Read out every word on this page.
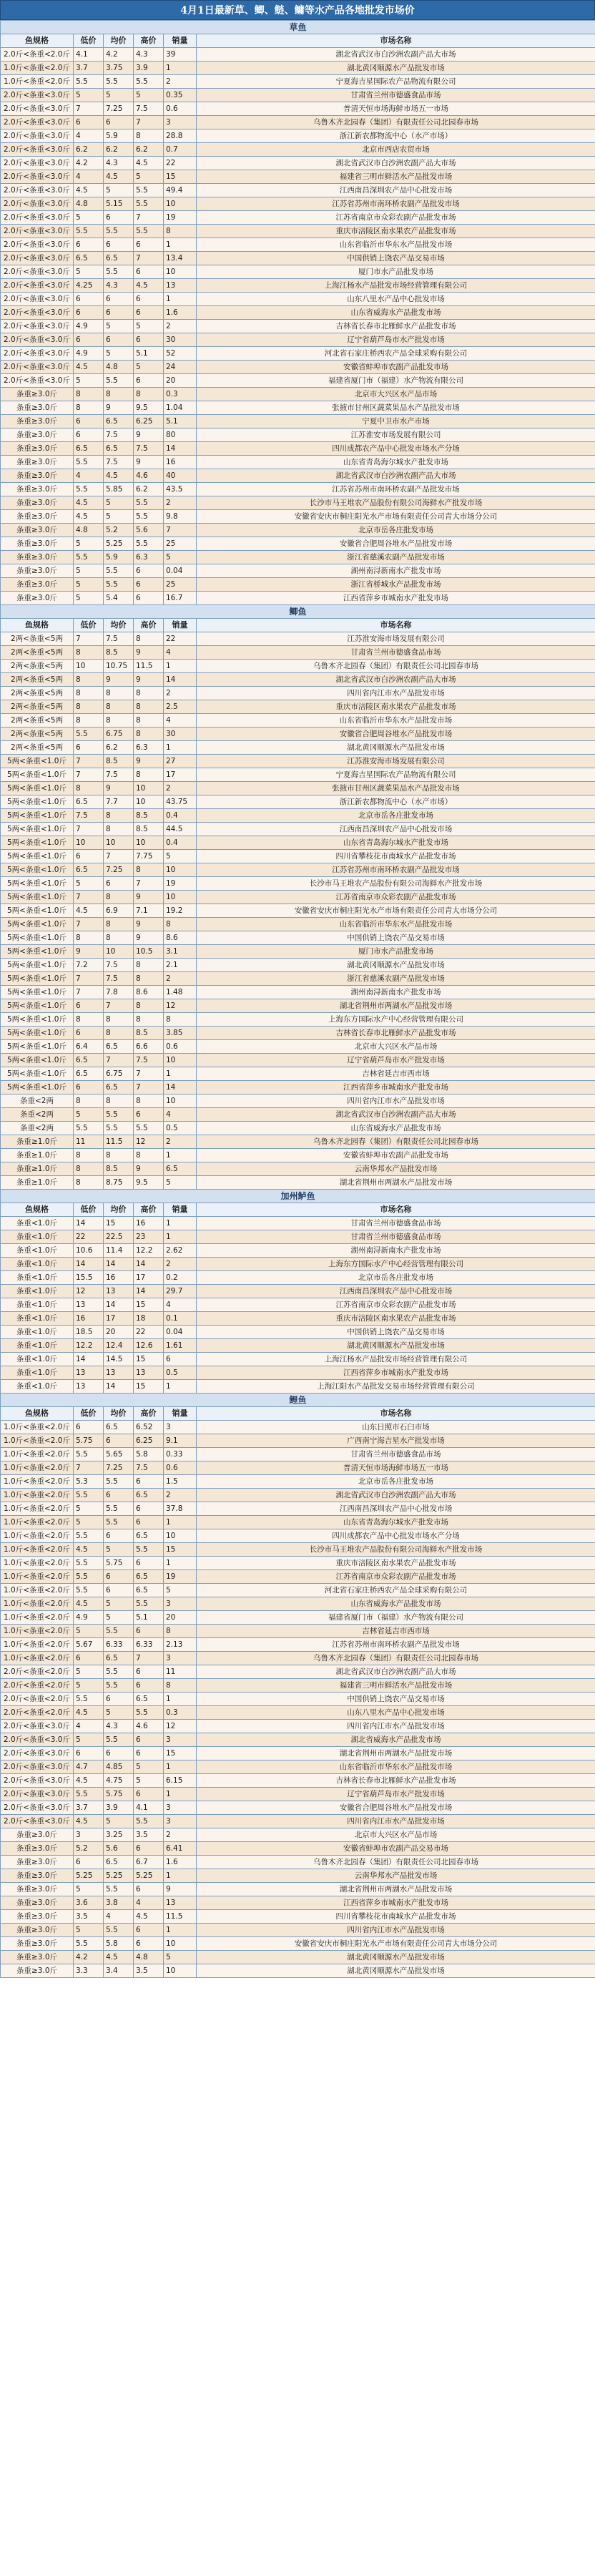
4月1日最新草、鲫、鲢、鳙等水产品各地批发市场价
草鱼					
鱼规格	低价	均价	高价	销量	市场名称
2.0斤<条重<2.0斤	4.1	4.2	4.3	39	湖北省武汉市白沙洲农副产品大市场
1.0斤<条重<2.0斤	3.7	3.75	3.9	1	湖北黄冈顺源水产品批发市场
1.0斤<条重<2.0斤	5.5	5.5	5.5	2	宁夏海吉星国际农产品物流有限公司
2.0斤<条重<3.0斤	5	5	5	0.35	甘肃省兰州市德盛食品市场
2.0斤<条重<3.0斤	7	7.25	7.5	0.6	普清天恒市场海鲜市场五一市场
2.0斤<条重<3.0斤	6	6	7	3	乌鲁木齐北园春（集团）有限责任公司北园春市场
2.0斤<条重<3.0斤	4	5.9	8	28.8	浙江新农都物流中心（水产市场）
2.0斤<条重<3.0斤	6.2	6.2	6.2	0.7	北京市西店农贸市场
2.0斤<条重<3.0斤	4.2	4.3	4.5	22	湖北省武汉市白沙洲农副产品大市场
2.0斤<条重<3.0斤	4	4.5	5	15	福建省三明市鲜活水产品批发市场
2.0斤<条重<3.0斤	4.5	5	5.5	49.4	江西南昌深圳农产品中心批发市场
2.0斤<条重<3.0斤	4.8	5.15	5.5	10	江苏省苏州市南环桥农副产品批发市场
2.0斤<条重<3.0斤	5	6	7	19	江苏省南京市众彩农副产品批发市场
2.0斤<条重<3.0斤	5.5	5.5	5.5	8	重庆市涪陵区南水果农产品批发市场
2.0斤<条重<3.0斤	6	6	6	1	山东省临沂市华东水产品批发市场
2.0斤<条重<3.0斤	6.5	6.5	7	13.4	中国供销上饶农产品交易市场
2.0斤<条重<3.0斤	5	5.5	6	10	厦门市水产品批发市场
2.0斤<条重<3.0斤	4.25	4.3	4.5	13	上海江杨水产品批发市场经营管理有限公司
2.0斤<条重<3.0斤	6	6	6	1	山东八里水产品中心批发市场
2.0斤<条重<3.0斤	6	6	6	1.6	山东省威海水产品批发市场
2.0斤<条重<3.0斤	4.9	5	5	2	吉林省长春市北雁鲜水产品批发市场
2.0斤<条重<3.0斤	6	6	6	30	辽宁省葫芦岛市水产批发市场
2.0斤<条重<3.0斤	4.9	5	5.1	52	河北省石家庄桥西农产品全球采购有限公司
2.0斤<条重<3.0斤	4.5	4.8	5	24	安徽省蚌埠市农副产品批发市场
2.0斤<条重<3.0斤	5	5.5	6	20	福建省厦门市（福建）水产物流有限公司
条重≥3.0斤	8	8	8	0.3	北京市大兴区水产品市场
条重≥3.0斤	8	9	9.5	1.04	张掖市甘州区蔬菜果品水产品批发市场
条重≥3.0斤	6	6.5	6.25	5.1	宁夏中卫市水产市场
条重≥3.0斤	6	7.5	9	80	江苏淮安市场发展有限公司
条重≥3.0斤	6.5	6.5	7.5	14	四川成都农产品中心批发市场水产分场
条重≥3.0斤	5.5	7.5	9	16	山东省青岛海尔城水产批发市场
条重≥3.0斤	4	4.5	4.6	40	湖北省武汉市白沙洲农副产品大市场
条重≥3.0斤	5.5	5.85	6.2	43.5	江苏省苏州市南环桥农副产品批发市场
条重≥3.0斤	4.5	5	5.5	2	长沙市马王堆农产品股份有限公司海鲜水产批发市场
条重≥3.0斤	4.5	5	5.5	9.8	安徽省安庆市桐庄阳光水产市场有限责任公司青大市场分公司
条重≥3.0斤	4.8	5.2	5.6	7	北京市岳各庄批发市场
条重≥3.0斤	5	5.25	5.5	25	安徽省合肥周谷堆水产品批发市场
条重≥3.0斤	5.5	5.9	6.3	5	浙江省慈溪农副产品批发市场
条重≥3.0斤	5	5.5	6	0.04	湖州南浔新南水产批发市场
条重≥3.0斤	5	5.5	6	25	浙江省桥城水产品批发市场
条重≥3.0斤	5	5.4	6	16.7	江西省萍乡市城南水产批发市场
鲫鱼					
鱼规格	低价	均价	高价	销量	市场名称
2两<条重<5两	7	7.5	8	22	江苏淮安海市场发展有限公司
2两<条重<5两	8	8.5	9	4	甘肃省兰州市德盛食品市场
2两<条重<5两	10	10.75	11.5	1	乌鲁木齐北园春（集团）有限责任公司北园春市场
2两<条重<5两	8	9	9	14	湖北省武汉市白沙洲农副产品大市场
2两<条重<5两	8	8	8	2	四川省内江市水产品批发市场
2两<条重<5两	8	8	8	2.5	重庆市涪陵区南水果农产品批发市场
2两<条重<5两	8	8	8	4	山东省临沂市华东水产品批发市场
2两<条重<5两	5.5	6.75	8	30	安徽省合肥周谷堆水产品批发市场
2两<条重<5两	6	6.2	6.3	1	湖北黄冈顺源水产品批发市场
5两<条重<1.0斤	7	8.5	9	27	江苏淮安海市场发展有限公司
5两<条重<1.0斤	7	7.5	8	17	宁夏海吉星国际农产品物流有限公司
5两<条重<1.0斤	8	9	10	2	张掖市甘州区蔬菜果品水产品批发市场
5两<条重<1.0斤	6.5	7.7	10	43.75	浙江新农都物流中心（水产市场）
5两<条重<1.0斤	7.5	8	8.5	0.4	北京市岳各庄批发市场
5两<条重<1.0斤	7	8	8.5	44.5	江西南昌深圳农产品中心批发市场
5两<条重<1.0斤	10	10	10	0.4	山东省青岛海尔城水产批发市场
5两<条重<1.0斤	6	7	7.75	5	四川省攀枝花市南城水产品批发市场
5两<条重<1.0斤	6.5	7.25	8	10	江苏省苏州市南环桥农副产品批发市场
5两<条重<1.0斤	5	6	7	19	长沙市马王堆农产品股份有限公司海鲜水产批发市场
5两<条重<1.0斤	7	8	9	10	江苏省南京市众彩农副产品批发市场
5两<条重<1.0斤	4.5	6.9	7.1	19.2	安徽省安庆市桐庄阳光水产市场有限责任公司青大市场分公司
5两<条重<1.0斤	7	8	9	8	山东省临沂市华东水产品批发市场
5两<条重<1.0斤	8	8	9	8.6	中国供销上饶农产品交易市场
5两<条重<1.0斤	9	10	10.5	3.1	厦门市水产品批发市场
5两<条重<1.0斤	7.2	7.5	8	2.1	湖北黄冈顺源水产品批发市场
5两<条重<1.0斤	7	7.5	8	2	浙江省慈溪农副产品批发市场
5两<条重<1.0斤	7	7.8	8.6	1.48	湖州南浔新南水产批发市场
5两<条重<1.0斤	6	7	8	12	湖北省荆州市两湖水产品批发市场
5两<条重<1.0斤	8	8	8	8	上海东方国际水产中心经营管理有限公司
5两<条重<1.0斤	6	8	8.5	3.85	吉林省长春市北雁鲜水产品批发市场
5两<条重<1.0斤	6.4	6.5	6.6	0.6	北京市大兴区水产品市场
5两<条重<1.0斤	6.5	7	7.5	10	辽宁省葫芦岛市水产批发市场
5两<条重<1.0斤	6.5	6.75	7	1	吉林省延吉市西市场
5两<条重<1.0斤	6	6.5	7	14	江西省萍乡市城南水产批发市场
条重<2两	8	8	8	10	四川省内江市水产品批发市场
条重<2两	5	5.5	6	4	湖北省武汉市白沙洲农副产品大市场
条重<2两	5.5	5.5	5.5	0.5	山东省威海水产品批发市场
条重≥1.0斤	11	11.5	12	2	乌鲁木齐北园春（集团）有限责任公司北园春市场
条重≥1.0斤	8	8	8	1	安徽省蚌埠市农副产品批发市场
条重≥1.0斤	8	8.5	9	6.5	云南华邦水产品批发市场
条重≥1.0斤	8	8.75	9.5	5	湖北省荆州市两湖水产品批发市场
加州鲈鱼					
鱼规格	低价	均价	高价	销量	市场名称
条重<1.0斤	14	15	16	1	甘肃省兰州市德盛食品市场
条重<1.0斤	22	22.5	23	1	甘肃省兰州市德盛食品市场
条重<1.0斤	10.6	11.4	12.2	2.62	湖州南浔新南水产批发市场
条重<1.0斤	14	14	14	2	上海东方国际水产中心经营管理有限公司
条重<1.0斤	15.5	16	17	0.2	北京市岳各庄批发市场
条重<1.0斤	12	13	14	29.7	江西南昌深圳农产品中心批发市场
条重<1.0斤	13	14	15	4	江苏省南京市众彩农副产品批发市场
条重<1.0斤	16	17	18	0.1	重庆市涪陵区南水果农产品批发市场
条重<1.0斤	18.5	20	22	0.04	中国供销上饶农产品交易市场
条重<1.0斤	12.2	12.4	12.6	1.61	湖北黄冈顺源水产品批发市场
条重<1.0斤	14	14.5	15	6	上海江杨水产品批发市场经营管理有限公司
条重<1.0斤	13	13	13	0.5	江西省萍乡市城南水产批发市场
条重<1.0斤	13	14	15	1	上海江阳水产品批发交易市场经营管理有限公司
鲤鱼					
鱼规格	低价	均价	高价	销量	市场名称
1.0斤<条重<2.0斤	6	6.5	6.52	3	山东日照市石臼市场
1.0斤<条重<2.0斤	5.75	6	6.25	9.1	广西南宁海吉星水产批发市场
1.0斤<条重<2.0斤	5.5	5.65	5.8	0.33	甘肃省兰州市德盛食品市场
1.0斤<条重<2.0斤	7	7.25	7.5	0.6	普清天恒市场海鲜市场五一市场
1.0斤<条重<2.0斤	5.3	5.5	6	1.5	北京市岳各庄批发市场
1.0斤<条重<2.0斤	5.5	6	6.5	2	湖北省武汉市白沙洲农副产品大市场
1.0斤<条重<2.0斤	5	5.5	6	37.8	江西南昌深圳农产品中心批发市场
1.0斤<条重<2.0斤	5	5.5	6	1	山东省青岛海尔城水产批发市场
1.0斤<条重<2.0斤	5.5	6	6.5	10	四川成都农产品中心批发市场水产分场
1.0斤<条重<2.0斤	4.5	5	5.5	15	长沙市马王堆农产品股份有限公司海鲜水产批发市场
1.0斤<条重<2.0斤	5.5	5.75	6	1	重庆市涪陵区南水果农产品批发市场
1.0斤<条重<2.0斤	5.5	6	6.5	19	江苏省南京市众彩农副产品批发市场
1.0斤<条重<2.0斤	5.5	6	6.5	5	河北省石家庄桥西农产品全球采购有限公司
1.0斤<条重<2.0斤	4.5	5	5.5	3	山东省威海水产品批发市场
1.0斤<条重<2.0斤	4.9	5	5.1	20	福建省厦门市（福建）水产物流有限公司
1.0斤<条重<2.0斤	5	5.5	6	8	吉林省延吉市西市场
1.0斤<条重<2.0斤	5.67	6.33	6.33	2.13	江苏省苏州市南环桥农副产品批发市场
1.0斤<条重<2.0斤	6	6.5	7	3	乌鲁木齐北园春（集团）有限责任公司北园春市场
2.0斤<条重<2.0斤	5	5.5	6	11	湖北省武汉市白沙洲农副产品大市场
2.0斤<条重<2.0斤	5	5.5	6	8	福建省三明市鲜活水产品批发市场
2.0斤<条重<2.0斤	5.5	6	6.5	1	中国供销上饶农产品交易市场
2.0斤<条重<2.0斤	4.5	5	5.5	0.3	山东八里水产品中心批发市场
2.0斤<条重<3.0斤	4	4.3	4.6	12	四川省内江市水产品批发市场
2.0斤<条重<3.0斤	5	5.5	6	3	湖北省威海水产品批发市场
2.0斤<条重<3.0斤	6	6	6	15	湖北省荆州市两湖水产品批发市场
2.0斤<条重<3.0斤	4.7	4.85	5	1	山东省临沂市华东水产品批发市场
2.0斤<条重<3.0斤	4.5	4.75	5	6.15	吉林省长春市北雁鲜水产品批发市场
2.0斤<条重<3.0斤	5.5	5.75	6	1	辽宁省葫芦岛市水产批发市场
2.0斤<条重<3.0斤	3.7	3.9	4.1	3	安徽省合肥周谷堆水产品批发市场
2.0斤<条重<3.0斤	4.5	5	5.5	3	四川省内江市水产品批发市场
条重≥3.0斤	3	3.25	3.5	2	北京市大兴区水产品市场
条重≥3.0斤	5.2	5.6	6	6.41	安徽省蚌埠市农副产品交易市场
条重≥3.0斤	6	6.5	6.7	1.6	乌鲁木齐北园春（集团）有限责任公司北园春市场
条重≥3.0斤	5.25	5.25	5.25	1	云南华邦水产品批发市场
条重≥3.0斤	5	5.5	6	9	湖北省荆州市两湖水产品批发市场
条重≥3.0斤	3.6	3.8	4	13	江西省萍乡市城南水产批发市场
条重≥3.0斤	3.5	4	4.5	11.5	四川省攀枝花市南城水产品批发市场
条重≥3.0斤	5	5.5	6	1	四川省内江市水产品批发市场
条重≥3.0斤	5.5	5.8	6	10	安徽省安庆市桐庄阳光水产市场有限责任公司青大市场分公司
条重≥3.0斤	4.2	4.5	4.8	5	湖北黄冈顺源水产品批发市场
条重≥3.0斤	3.3	3.4	3.5	10	湖北黄冈顺源水产品批发市场
